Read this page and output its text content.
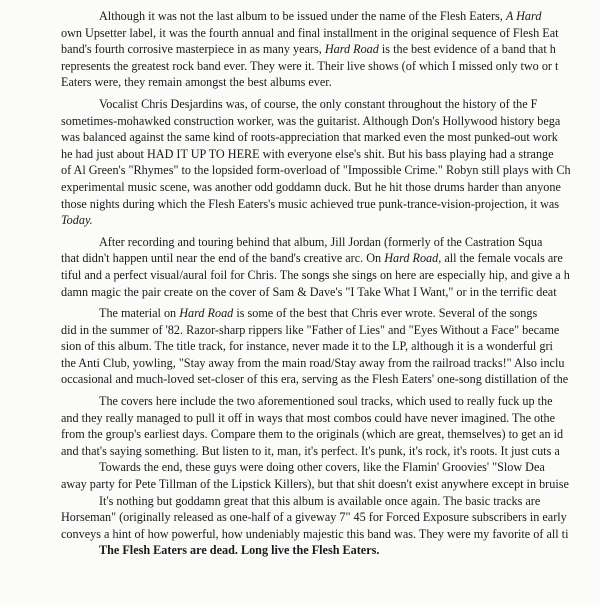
Although it was not the last album to be issued under the name of the Flesh Eaters, A Hard
own Upsetter label, it was the fourth annual and final installment in the original sequence of Flesh Eat
band's fourth corrosive masterpiece in as many years, Hard Road is the best evidence of a band that h
represents the greatest rock band ever. They were it. Their live shows (of which I missed only two or t
Eaters were, they remain amongst the best albums ever.
Vocalist Chris Desjardins was, of course, the only constant throughout the history of the F
sometimes-mohawked construction worker, was the guitarist. Although Don's Hollywood history bega
was balanced against the same kind of roots-appreciation that marked even the most punked-out work
he had just about HAD IT UP TO HERE with everyone else's shit. But his bass playing had a strange
of Al Green's "Rhymes" to the lopsided form-overload of "Impossible Crime." Robyn still plays with Ch
experimental music scene, was another odd goddamn duck. But he hit those drums harder than anyone
those nights during which the Flesh Eaters's music achieved true punk-trance-vision-projection, it was
Today.
After recording and touring behind that album, Jill Jordan (formerly of the Castration Squa
that didn't happen until near the end of the band's creative arc. On Hard Road, all the female vocals are
tiful and a perfect visual/aural foil for Chris. The songs she sings on here are especially hip, and give a h
damn magic the pair create on the cover of Sam & Dave's "I Take What I Want," or in the terrific deat
The material on Hard Road is some of the best that Chris ever wrote. Several of the songs
did in the summer of '82. Razor-sharp rippers like "Father of Lies" and "Eyes Without a Face" became
sion of this album. The title track, for instance, never made it to the LP, although it is a wonderful gri
the Anti Club, yowling, "Stay away from the main road/Stay away from the railroad tracks!" Also inclu
occasional and much-loved set-closer of this era, serving as the Flesh Eaters' one-song distillation of the
The covers here include the two aforementioned soul tracks, which used to really fuck up the
and they really managed to pull it off in ways that most combos could have never imagined. The othe
from the group's earliest days. Compare them to the originals (which are great, themselves) to get an id
and that's saying something. But listen to it, man, it's perfect. It's punk, it's rock, it's roots. It just cuts a
Towards the end, these guys were doing other covers, like the Flamin' Groovies' "Slow Dea
away party for Pete Tillman of the Lipstick Killers), but that shit doesn't exist anywhere except in bruise
It's nothing but goddamn great that this album is available once again. The basic tracks are
Horseman" (originally released as one-half of a giveway 7" 45 for Forced Exposure subscribers in early
conveys a hint of how powerful, how undeniably majestic this band was. They were my favorite of all ti
The Flesh Eaters are dead. Long live the Flesh Eaters.
